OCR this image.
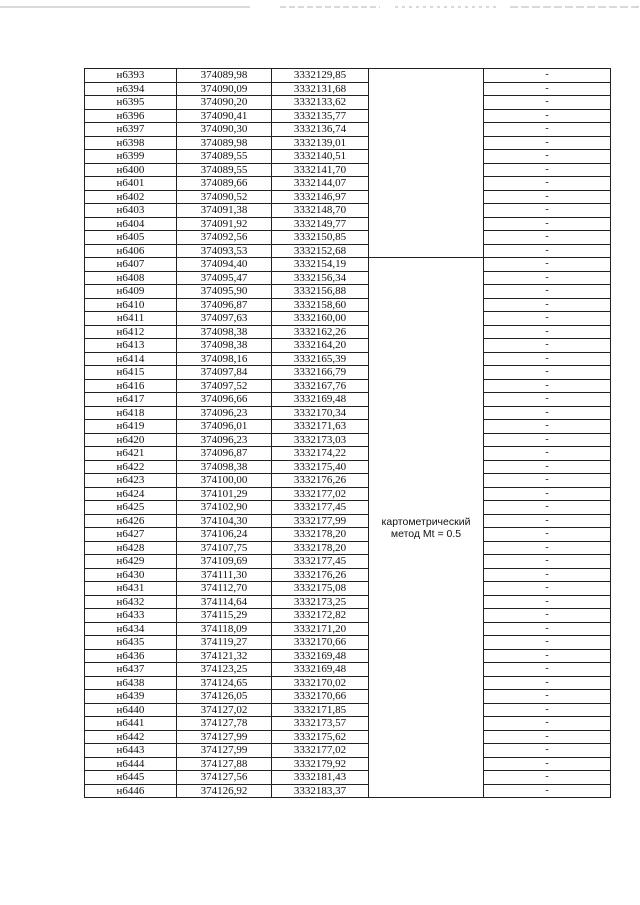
н6393	374089,98	3332129,85		-
н6394	374090,09	3332131,68		-
н6395	374090,20	3332133,62		-
н6396	374090,41	3332135,77		-
н6397	374090,30	3332136,74		-
н6398	374089,98	3332139,01		-
н6399	374089,55	3332140,51		-
н6400	374089,55	3332141,70		-
н6401	374089,66	3332144,07		-
н6402	374090,52	3332146,97		-
н6403	374091,38	3332148,70		-
н6404	374091,92	3332149,77		-
н6405	374092,56	3332150,85		-
н6406	374093,53	3332152,68		-
н6407	374094,40	3332154,19	картометрический метод Mt = 0.5	-
н6408	374095,47	3332156,34		-
н6409	374095,90	3332156,88		-
н6410	374096,87	3332158,60		-
н6411	374097,63	3332160,00		-
н6412	374098,38	3332162,26		-
н6413	374098,38	3332164,20		-
н6414	374098,16	3332165,39		-
н6415	374097,84	3332166,79		-
н6416	374097,52	3332167,76		-
н6417	374096,66	3332169,48		-
н6418	374096,23	3332170,34		-
н6419	374096,01	3332171,63		-
н6420	374096,23	3332173,03		-
н6421	374096,87	3332174,22		-
н6422	374098,38	3332175,40		-
н6423	374100,00	3332176,26		-
н6424	374101,29	3332177,02		-
н6425	374102,90	3332177,45		-
н6426	374104,30	3332177,99		-
н6427	374106,24	3332178,20		-
н6428	374107,75	3332178,20		-
н6429	374109,69	3332177,45		-
н6430	374111,30	3332176,26		-
н6431	374112,70	3332175,08		-
н6432	374114,64	3332173,25		-
н6433	374115,29	3332172,82		-
н6434	374118,09	3332171,20		-
н6435	374119,27	3332170,66		-
н6436	374121,32	3332169,48		-
н6437	374123,25	3332169,48		-
н6438	374124,65	3332170,02		-
н6439	374126,05	3332170,66		-
н6440	374127,02	3332171,85		-
н6441	374127,78	3332173,57		-
н6442	374127,99	3332175,62		-
н6443	374127,99	3332177,02		-
н6444	374127,88	3332179,92		-
н6445	374127,56	3332181,43		-
н6446	374126,92	3332183,37		-
